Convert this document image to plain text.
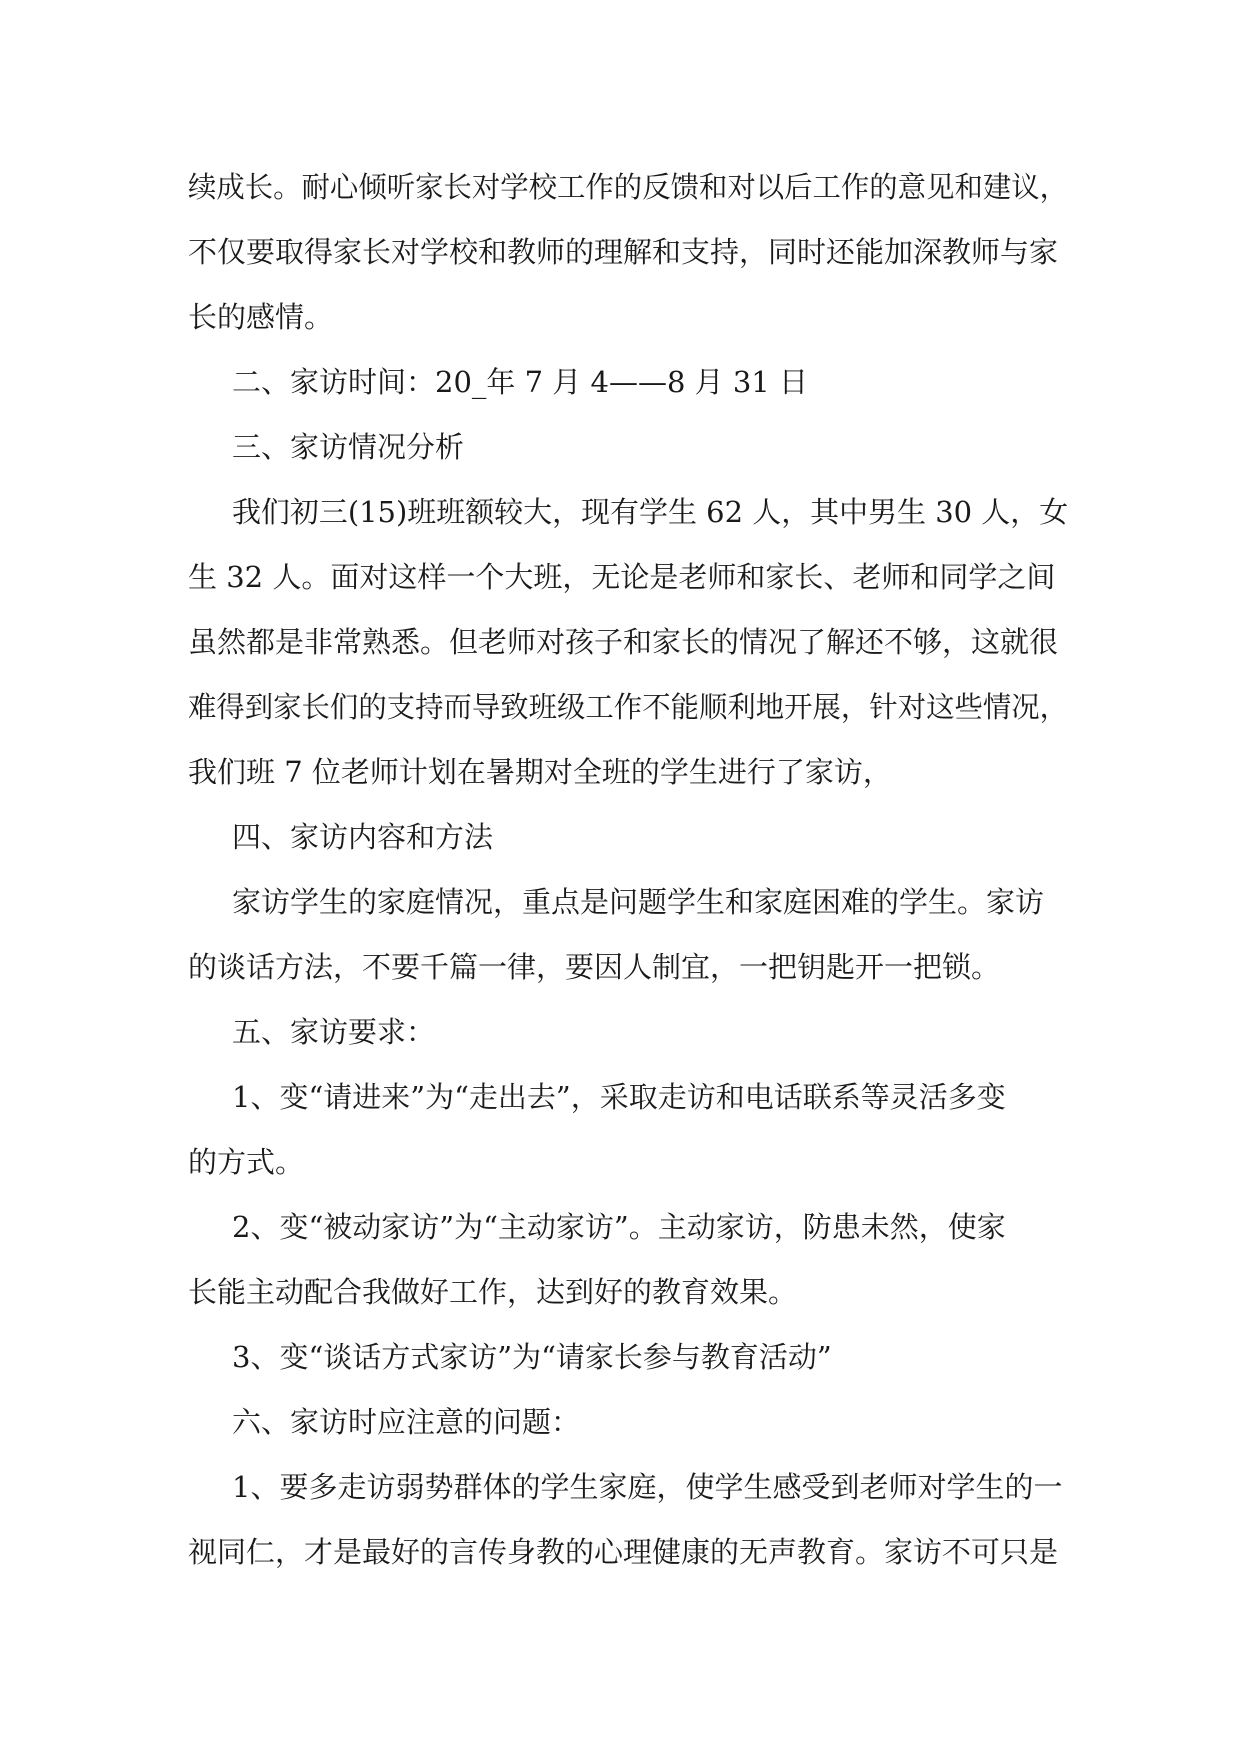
续成长。耐心倾听家长对学校工作的反馈和对以后工作的意见和建议，
不仅要取得家长对学校和教师的理解和支持，同时还能加深教师与家
长的感情。
二、家访时间：20_年 7 月 4——8 月 31 日
三、家访情况分析
我们初三(15)班班额较大，现有学生 62 人，其中男生 30 人，女
生 32 人。面对这样一个大班，无论是老师和家长、老师和同学之间
虽然都是非常熟悉。但老师对孩子和家长的情况了解还不够，这就很
难得到家长们的支持而导致班级工作不能顺利地开展，针对这些情况，
我们班 7 位老师计划在暑期对全班的学生进行了家访，
四、家访内容和方法
家访学生的家庭情况，重点是问题学生和家庭困难的学生。家访
的谈话方法，不要千篇一律，要因人制宜，一把钥匙开一把锁。
五、家访要求：
1、变“请进来”为“走出去”，采取走访和电话联系等灵活多变
的方式。
2、变“被动家访”为“主动家访”。主动家访，防患未然，使家
长能主动配合我做好工作，达到好的教育效果。
3、变“谈话方式家访”为“请家长参与教育活动”
六、家访时应注意的问题：
1、要多走访弱势群体的学生家庭，使学生感受到老师对学生的一
视同仁，才是最好的言传身教的心理健康的无声教育。家访不可只是
